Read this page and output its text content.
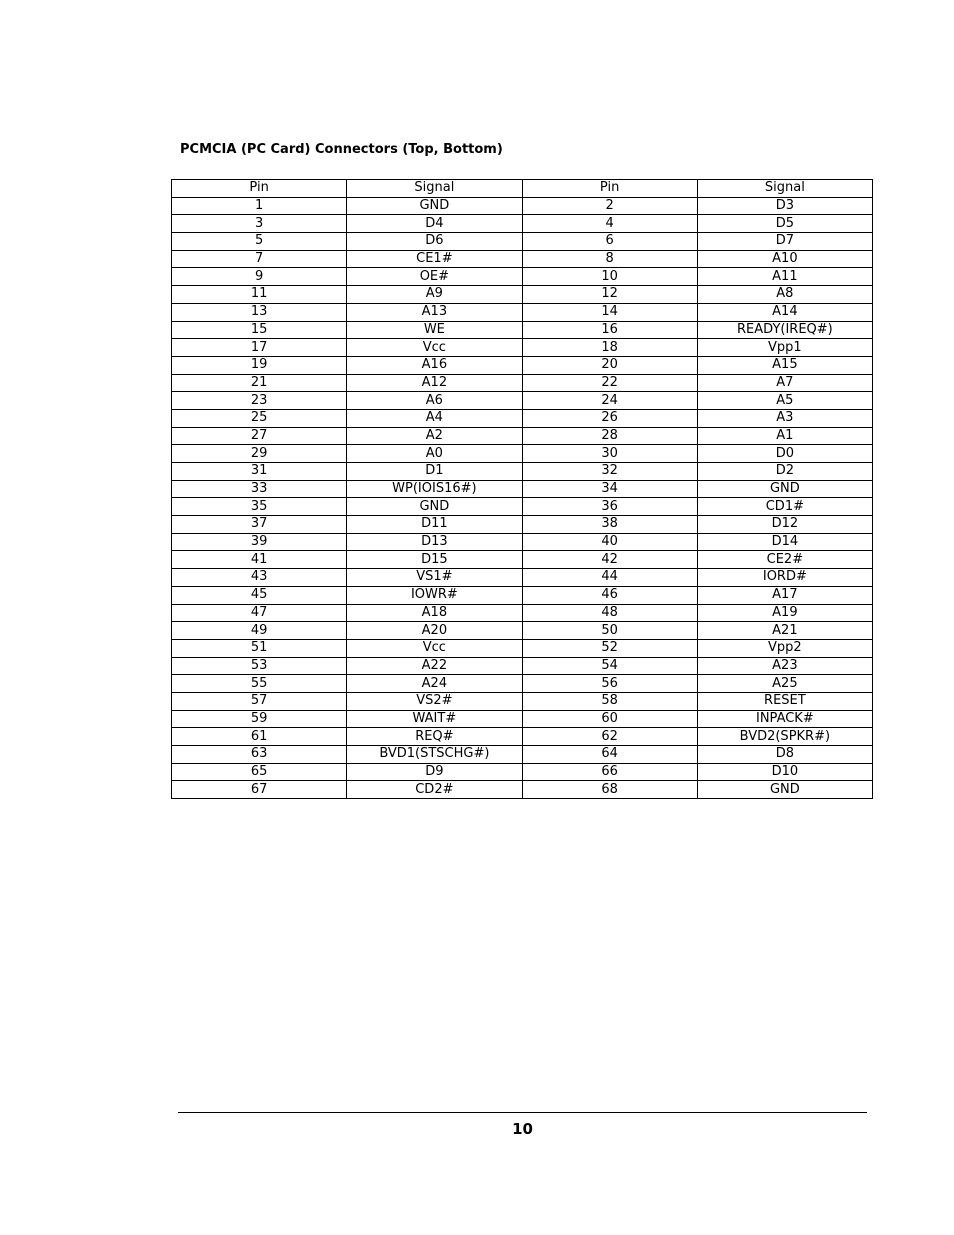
PCMCIA (PC Card) Connectors (Top, Bottom)
Pin	Signal	Pin	Signal
1	GND	2	D3
3	D4	4	D5
5	D6	6	D7
7	CE1#	8	A10
9	OE#	10	A11
11	A9	12	A8
13	A13	14	A14
15	WE	16	READY(IREQ#)
17	Vcc	18	Vpp1
19	A16	20	A15
21	A12	22	A7
23	A6	24	A5
25	A4	26	A3
27	A2	28	A1
29	A0	30	D0
31	D1	32	D2
33	WP(IOIS16#)	34	GND
35	GND	36	CD1#
37	D11	38	D12
39	D13	40	D14
41	D15	42	CE2#
43	VS1#	44	IORD#
45	IOWR#	46	A17
47	A18	48	A19
49	A20	50	A21
51	Vcc	52	Vpp2
53	A22	54	A23
55	A24	56	A25
57	VS2#	58	RESET
59	WAIT#	60	INPACK#
61	REQ#	62	BVD2(SPKR#)
63	BVD1(STSCHG#)	64	D8
65	D9	66	D10
67	CD2#	68	GND
10
